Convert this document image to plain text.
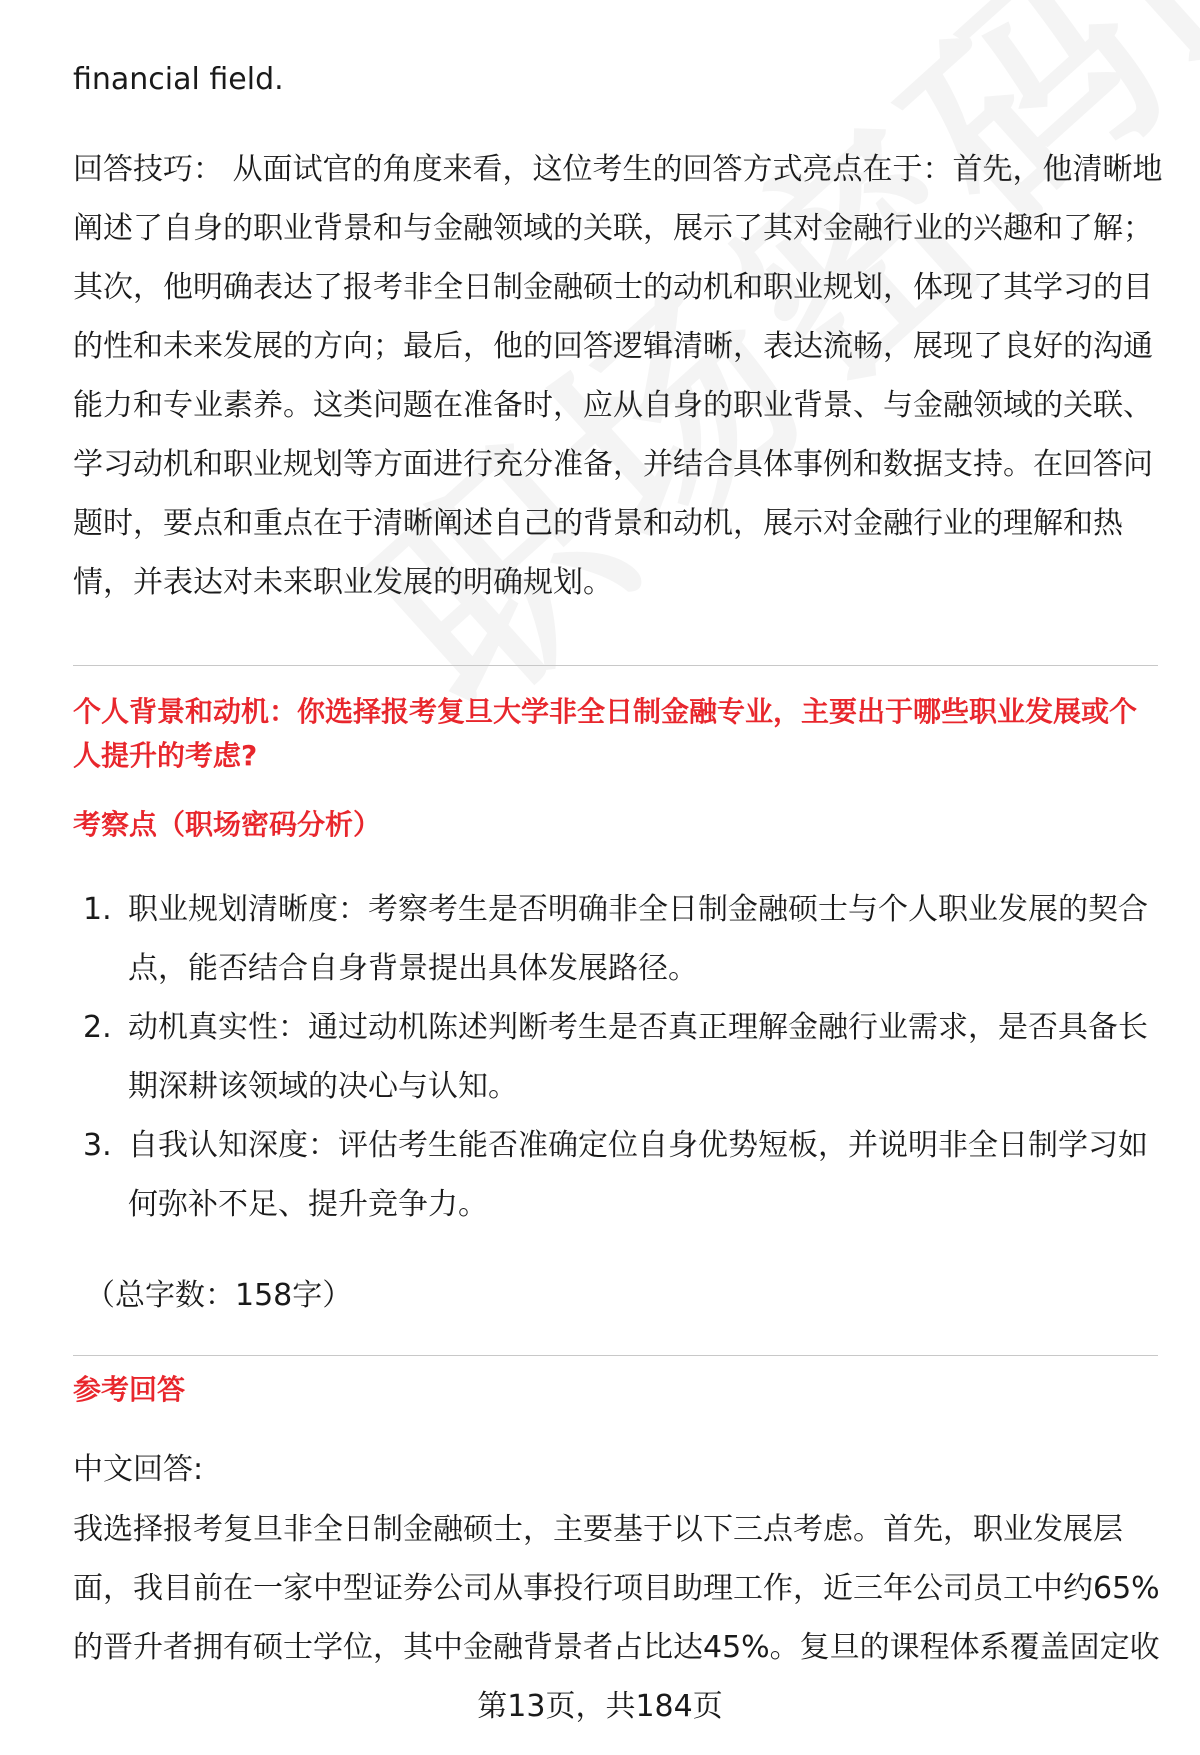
financial field.

回答技巧： 从面试官的角度来看，这位考生的回答方式亮点在于：首先，他清晰地阐述了自身的职业背景和与金融领域的关联，展示了其对金融行业的兴趣和了解；其次，他明确表达了报考非全日制金融硕士的动机和职业规划，体现了其学习的目的性和未来发展的方向；最后，他的回答逻辑清晰，表达流畅，展现了良好的沟通能力和专业素养。这类问题在准备时，应从自身的职业背景、与金融领域的关联、学习动机和职业规划等方面进行充分准备，并结合具体事例和数据支持。在回答问题时，要点和重点在于清晰阐述自己的背景和动机，展示对金融行业的理解和热情，并表达对未来职业发展的明确规划。

个人背景和动机：你选择报考复旦大学非全日制金融专业，主要出于哪些职业发展或个人提升的考虑?
考察点（职场密码分析）
1. 职业规划清晰度：考察考生是否明确非全日制金融硕士与个人职业发展的契合点，能否结合自身背景提出具体发展路径。
2. 动机真实性：通过动机陈述判断考生是否真正理解金融行业需求，是否具备长期深耕该领域的决心与认知。
3. 自我认知深度：评估考生能否准确定位自身优势短板，并说明非全日制学习如何弥补不足、提升竞争力。
（总字数：158字）
参考回答

中文回答:

我选择报考复旦非全日制金融硕士，主要基于以下三点考虑。首先，职业发展层面，我目前在一家中型证券公司从事投行项目助理工作，近三年公司员工中约65%的晋升者拥有硕士学位，其中金融背景者占比达45%。复旦的课程体系覆盖固定收

第13页，共184页
